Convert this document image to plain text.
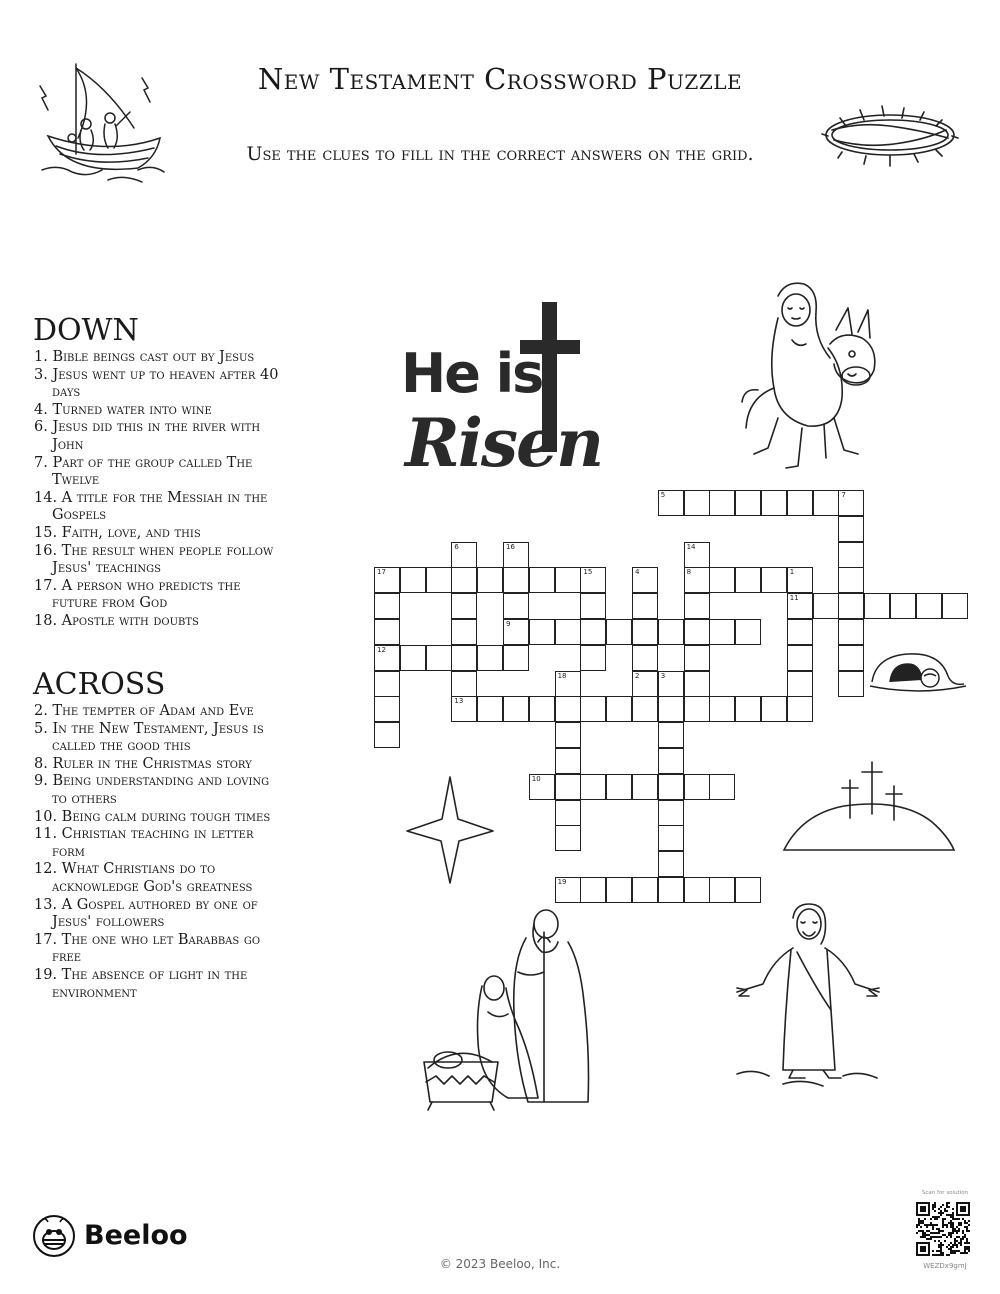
New Testament Crossword Puzzle
Use the clues to fill in the correct answers on the grid.
DOWN
1. Bible beings cast out by Jesus
3. Jesus went up to heaven after 40 days
4. Turned water into wine
6. Jesus did this in the river with John
7. Part of the group called The Twelve
14. A title for the Messiah in the Gospels
15. Faith, love, and this
16. The result when people follow Jesus' teachings
17. A person who predicts the future from God
18. Apostle with doubts
ACROSS
2. The tempter of Adam and Eve
5. In the New Testament, Jesus is called the good this
8. Ruler in the Christmas story
9. Being understanding and loving to others
10. Being calm during tough times
11. Christian teaching in letter form
12. What Christians do to acknowledge God's greatness
13. A Gospel authored by one of Jesus' followers
17. The one who let Barabbas go free
19. The absence of light in the environment
He is
Risen
17	15
5	7
8	1
11
9
12
13
10
19
6	16
4
2
14
18	3
Beeloo
© 2023 Beeloo, Inc.
Scan for solution
WEZDx9gmJ
